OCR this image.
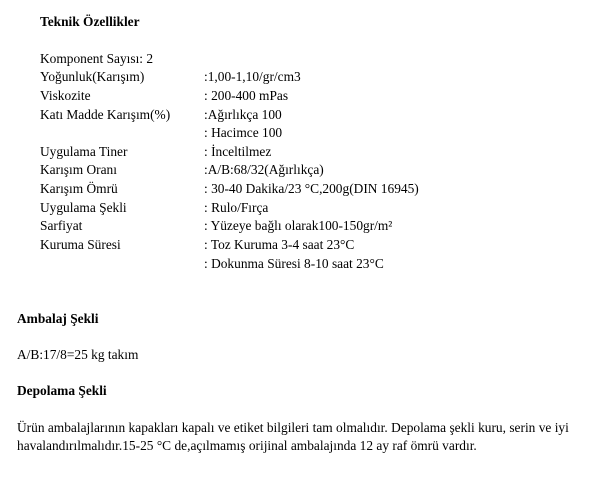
Teknik Özellikler
Komponent Sayısı: 2
Yoğunluk(Karışım)	:1,00-1,10/gr/cm3
Viskozite	: 200-400 mPas
Katı Madde Karışım(%)	:Ağırlıkça 100
: Hacimce 100
Uygulama Tiner	: İnceltilmez
Karışım Oranı	:A/B:68/32(Ağırlıkça)
Karışım Ömrü	: 30-40 Dakika/23 °C,200g(DIN 16945)
Uygulama Şekli	: Rulo/Fırça
Sarfiyat	: Yüzeye bağlı olarak100-150gr/m²
Kuruma Süresi	: Toz Kuruma 3-4 saat 23°C
: Dokunma Süresi 8-10 saat 23°C
Ambalaj Şekli
A/B:17/8=25 kg takım
Depolama Şekli
Ürün ambalajlarının kapakları kapalı ve etiket bilgileri tam olmalıdır. Depolama şekli kuru, serin ve iyi havalandırılmalıdır.15-25 °C de,açılmamış orijinal ambalajında 12 ay raf ömrü vardır.
